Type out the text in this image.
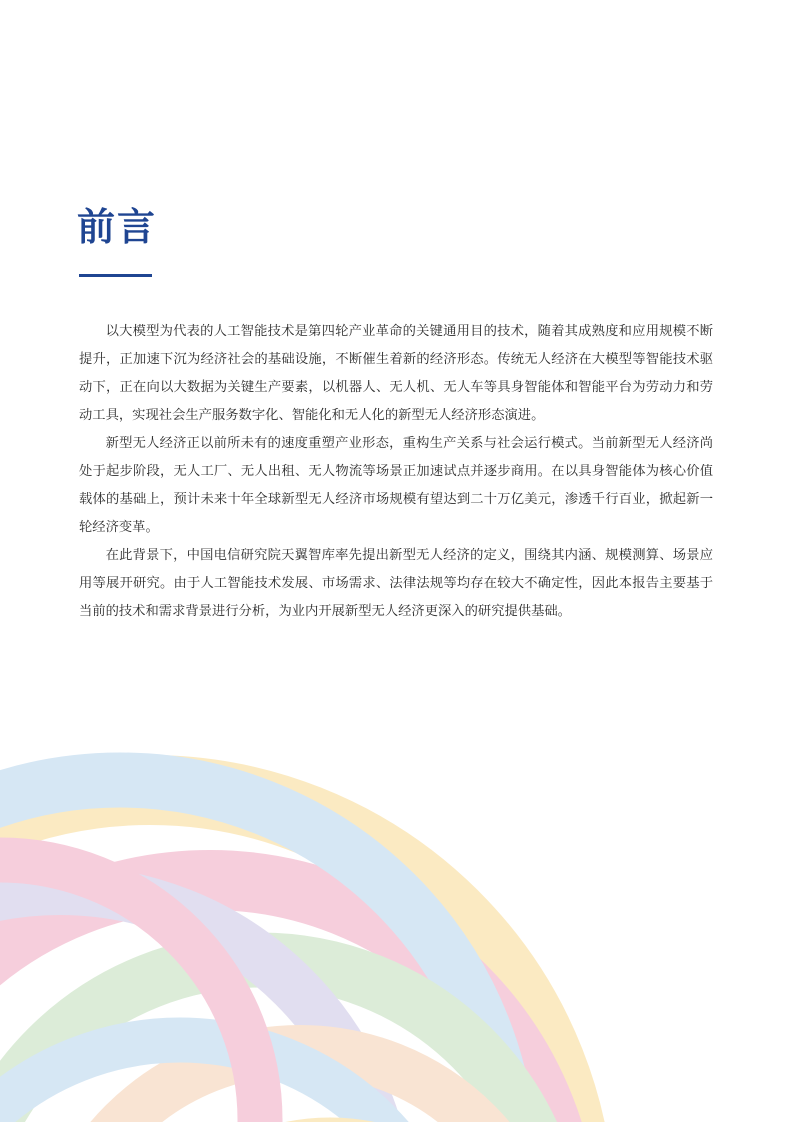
前言

以大模型为代表的人工智能技术是第四轮产业革命的关键通用目的技术，随着其成熟度和应用规模不断提升，正加速下沉为经济社会的基础设施，不断催生着新的经济形态。传统无人经济在大模型等智能技术驱动下，正在向以大数据为关键生产要素，以机器人、无人机、无人车等具身智能体和智能平台为劳动力和劳动工具，实现社会生产服务数字化、智能化和无人化的新型无人经济形态演进。

新型无人经济正以前所未有的速度重塑产业形态，重构生产关系与社会运行模式。当前新型无人经济尚处于起步阶段，无人工厂、无人出租、无人物流等场景正加速试点并逐步商用。在以具身智能体为核心价值载体的基础上，预计未来十年全球新型无人经济市场规模有望达到二十万亿美元，渗透千行百业，掀起新一轮经济变革。

在此背景下，中国电信研究院天翼智库率先提出新型无人经济的定义，围绕其内涵、规模测算、场景应用等展开研究。由于人工智能技术发展、市场需求、法律法规等均存在较大不确定性，因此本报告主要基于当前的技术和需求背景进行分析，为业内开展新型无人经济更深入的研究提供基础。
